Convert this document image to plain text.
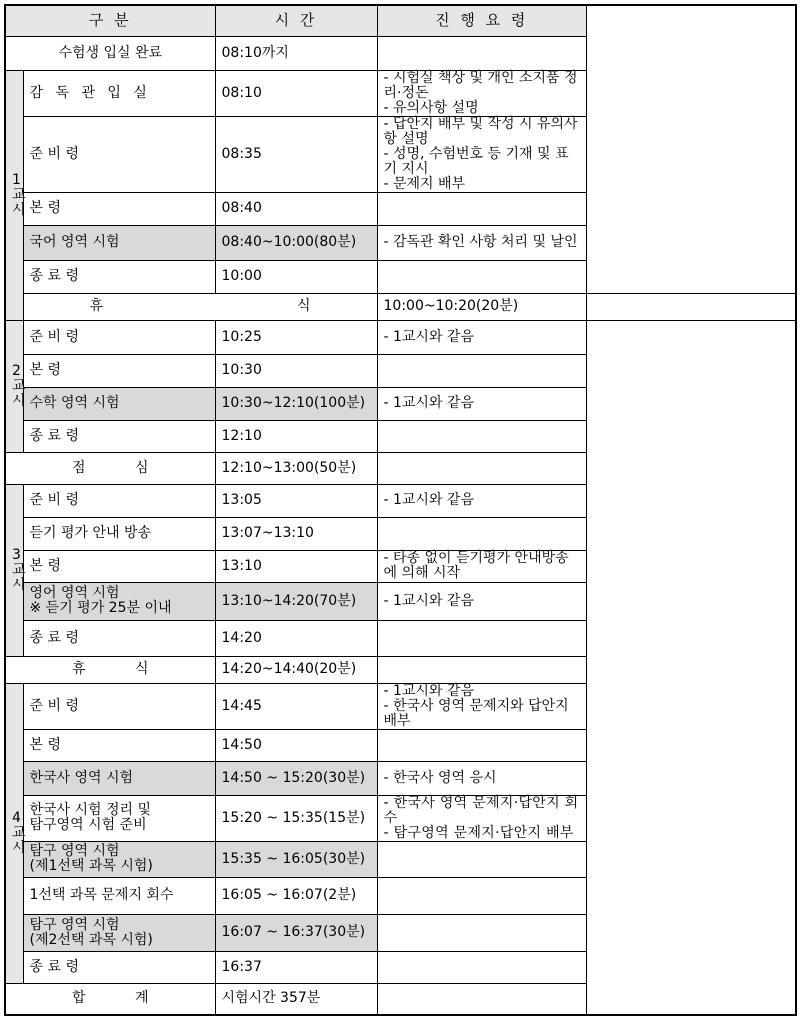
구 분		시 간	진 행 요 령	
수험생 입실 완료		08:10까지		
1
교
시	감 독 관 입 실	08:10	- 시험실 책상 및 개인 소지품 정리·정돈
- 유의사항 설명	
	준 비 령	08:35	- 답안지 배부 및 작성 시 유의사항 설명
- 성명, 수험번호 등 기재 및 표기 지시
- 문제지 배부	
	본 령	08:40		
	국어 영역 시험	08:40~10:00(80분)	- 감독관 확인 사항 처리 및 날인	
	종 료 령	10:00		

	휴 식		10:00~10:20(20분)	
2
교
시	준 비 령	10:25	- 1교시와 같음	
	본 령	10:30		
	수학 영역 시험	10:30~12:10(100분)	- 1교시와 같음	
	종 료 령	12:10		

점 심		12:10~13:00(50분)		
3
교
시	준 비 령	13:05	- 1교시와 같음	
	듣기 평가 안내 방송	13:07~13:10		
	본 령	13:10	- 타종 없이 듣기평가 안내방송에 의해 시작	
	영어 영역 시험
※ 듣기 평가 25분 이내	13:10~14:20(70분)	- 1교시와 같음	
	종 료 령	14:20		

휴 식		14:20~14:40(20분)		
4
교
시	준 비 령	14:45	- 1교시와 같음
- 한국사 영역 문제지와 답안지 배부	
	본 령	14:50		
	한국사 영역 시험	14:50 ~ 15:20(30분)	- 한국사 영역 응시	
	한국사 시험 정리 및
탐구영역 시험 준비	15:20 ~ 15:35(15분)	- 한국사 영역 문제지·답안지 회수
- 탐구영역 문제지·답안지 배부	
	탐구 영역 시험
(제1선택 과목 시험)	15:35 ~ 16:05(30분)		
	1선택 과목 문제지 회수	16:05 ~ 16:07(2분)		
	탐구 영역 시험
(제2선택 과목 시험)	16:07 ~ 16:37(30분)		
	종 료 령	16:37		

합 계		시험시간 357분		
